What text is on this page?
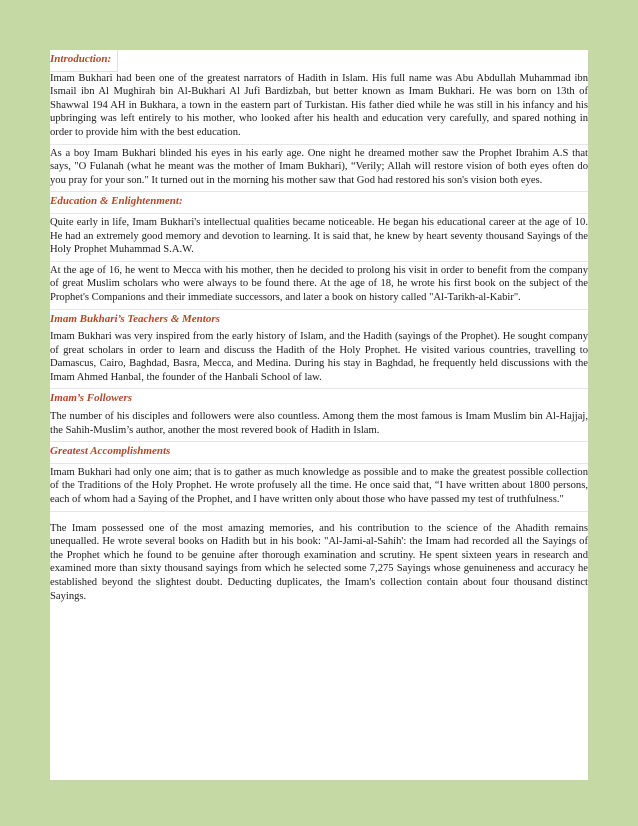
Introduction:
Imam Bukhari had been one of the greatest narrators of Hadith in Islam. His full name was Abu Abdullah Muhammad ibn Ismail ibn Al Mughirah bin Al-Bukhari Al Jufi Bardizbah, but better known as Imam Bukhari. He was born on 13th of Shawwal 194 AH in Bukhara, a town in the eastern part of Turkistan. His father died while he was still in his infancy and his upbringing was left entirely to his mother, who looked after his health and education very carefully, and spared nothing in order to provide him with the best education.
As a boy Imam Bukhari blinded his eyes in his early age. One night he dreamed mother saw the Prophet Ibrahim A.S that says, "O Fulanah (what he meant was the mother of Imam Bukhari), “Verily; Allah will restore vision of both eyes often do you pray for your son." It turned out in the morning his mother saw that God had restored his son's vision both eyes.
Education & Enlightenment:
Quite early in life, Imam Bukhari's intellectual qualities became noticeable. He began his educational career at the age of 10. He had an extremely good memory and devotion to learning. It is said that, he knew by heart seventy thousand Sayings of the Holy Prophet Muhammad S.A.W.
At the age of 16, he went to Mecca with his mother, then he decided to prolong his visit in order to benefit from the company of great Muslim scholars who were always to be found there. At the age of 18, he wrote his first book on the subject of the Prophet's Companions and their immediate successors, and later a book on history called "Al-Tarikh-al-Kabir".
Imam Bukhari’s Teachers & Mentors
Imam Bukhari was very inspired from the early history of Islam, and the Hadith (sayings of the Prophet). He sought company of great scholars in order to learn and discuss the Hadith of the Holy Prophet. He visited various countries, travelling to Damascus, Cairo, Baghdad, Basra, Mecca, and Medina. During his stay in Baghdad, he frequently held discussions with the Imam Ahmed Hanbal, the founder of the Hanbali School of law.
Imam’s Followers
The number of his disciples and followers were also countless. Among them the most famous is Imam Muslim bin Al-Hajjaj, the Sahih-Muslim’s author, another the most revered book of Hadith in Islam.
Greatest Accomplishments
Imam Bukhari had only one aim; that is to gather as much knowledge as possible and to make the greatest possible collection of the Traditions of the Holy Prophet. He wrote profusely all the time. He once said that, “I have written about 1800 persons, each of whom had a Saying of the Prophet, and I have written only about those who have passed my test of truthfulness."
The Imam possessed one of the most amazing memories, and his contribution to the science of the Ahadith remains unequalled. He wrote several books on Hadith but in his book: "Al-Jami-al-Sahih': the Imam had recorded all the Sayings of the Prophet which he found to be genuine after thorough examination and scrutiny. He spent sixteen years in research and examined more than sixty thousand sayings from which he selected some 7,275 Sayings whose genuineness and accuracy he established beyond the slightest doubt. Deducting duplicates, the Imam's collection contain about four thousand distinct Sayings.
